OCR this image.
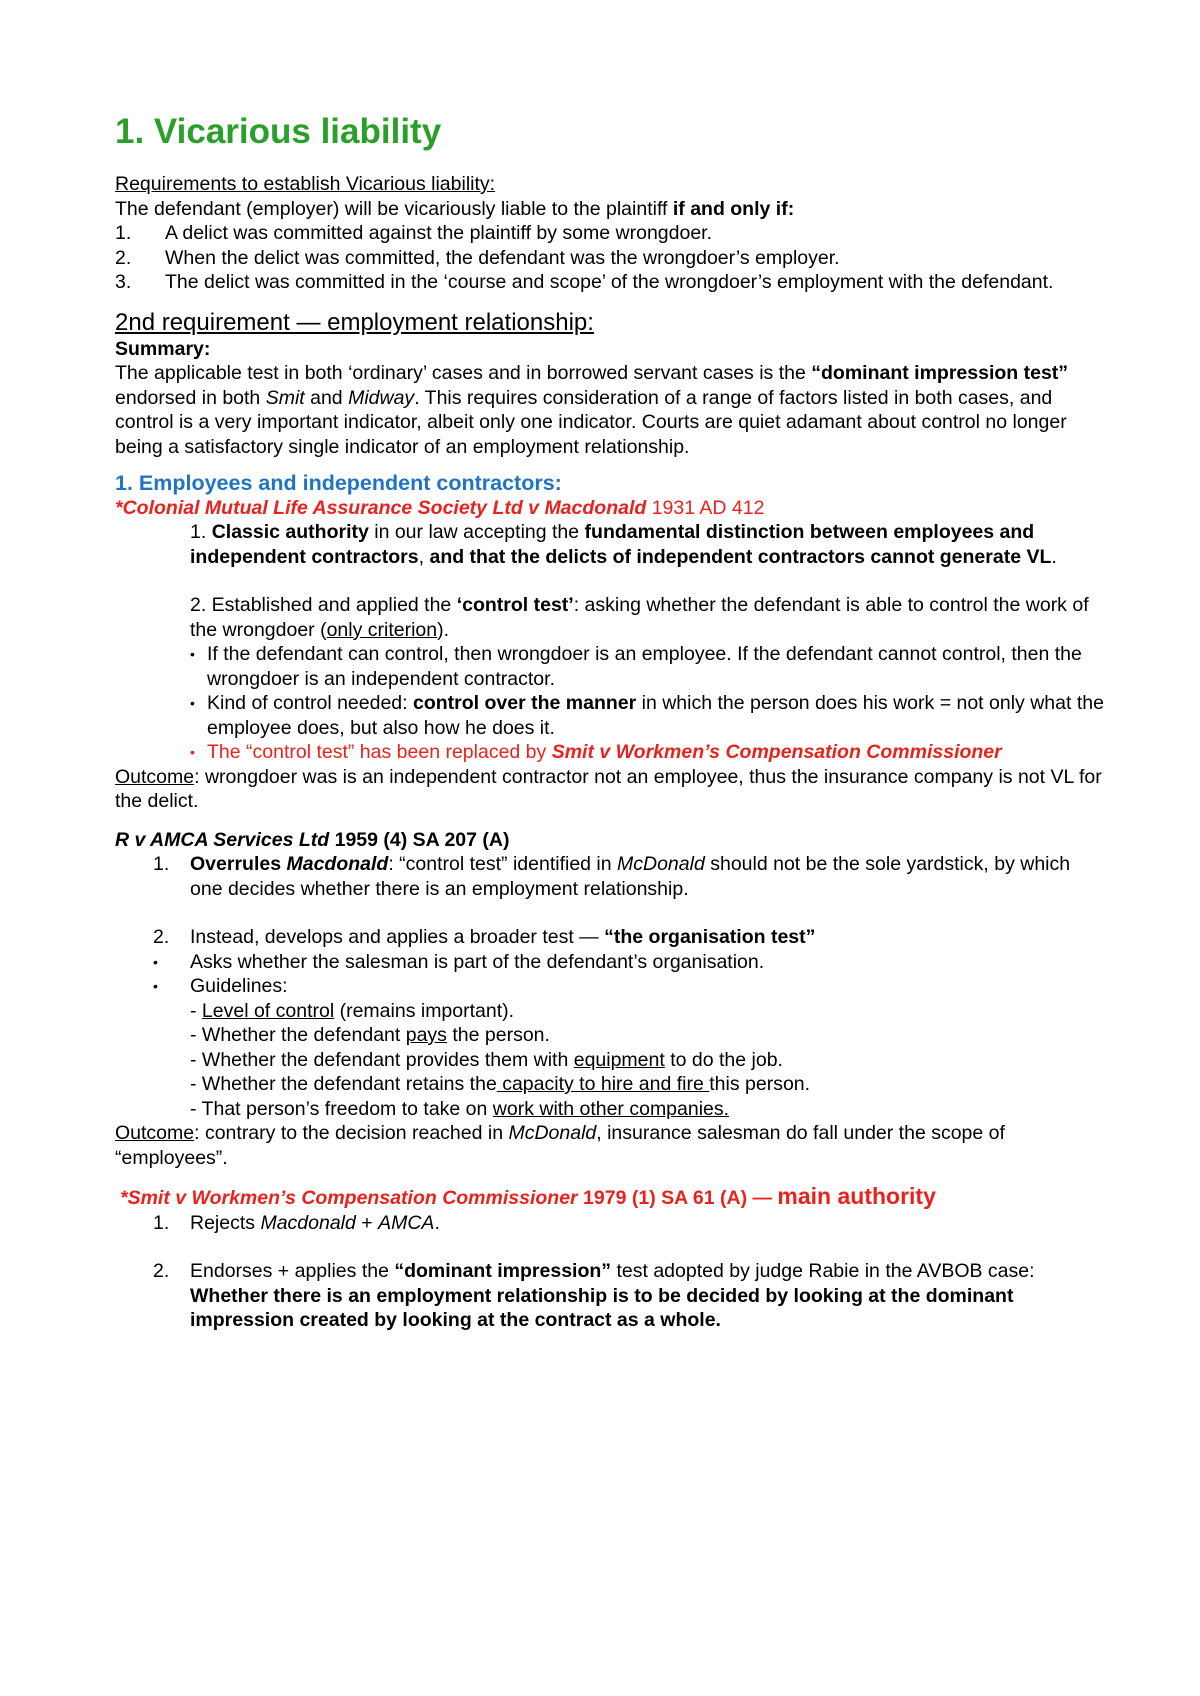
1. Vicarious liability
Requirements to establish Vicarious liability:
The defendant (employer) will be vicariously liable to the plaintiff if and only if:
1.	A delict was committed against the plaintiff by some wrongdoer.
2.	When the delict was committed, the defendant was the wrongdoer’s employer.
3. The delict was committed in the ‘course and scope’ of the wrongdoer’s employment with the defendant.
2nd requirement — employment relationship:
Summary:
The applicable test in both ‘ordinary’ cases and in borrowed servant cases is the “dominant impression test” endorsed in both Smit and Midway. This requires consideration of a range of factors listed in both cases, and control is a very important indicator, albeit only one indicator. Courts are quiet adamant about control no longer being a satisfactory single indicator of an employment relationship.
1. Employees and independent contractors:
*Colonial Mutual Life Assurance Society Ltd v Macdonald 1931 AD 412
1. Classic authority in our law accepting the fundamental distinction between employees and independent contractors, and that the delicts of independent contractors cannot generate VL.
2. Established and applied the ‘control test’: asking whether the defendant is able to control the work of the wrongdoer (only criterion).
• If the defendant can control, then wrongdoer is an employee. If the defendant cannot control, then the wrongdoer is an independent contractor.
• Kind of control needed: control over the manner in which the person does his work = not only what the employee does, but also how he does it.
• The “control test” has been replaced by Smit v Workmen’s Compensation Commissioner
Outcome: wrongdoer was is an independent contractor not an employee, thus the insurance company is not VL for the delict.
R v AMCA Services Ltd 1959 (4) SA 207 (A)
1.	Overrules Macdonald: “control test” identified in McDonald should not be the sole yardstick, by which one decides whether there is an employment relationship.
2.	Instead, develops and applies a broader test — “the organisation test”
• Asks whether the salesman is part of the defendant’s organisation.
• Guidelines:
- Level of control (remains important).
- Whether the defendant pays the person.
- Whether the defendant provides them with equipment to do the job.
- Whether the defendant retains the capacity to hire and fire this person.
- That person’s freedom to take on work with other companies.
Outcome: contrary to the decision reached in McDonald, insurance salesman do fall under the scope of “employees”.
*Smit v Workmen’s Compensation Commissioner 1979 (1) SA 61 (A) — main authority
1.	Rejects Macdonald + AMCA.
2.	Endorses + applies the “dominant impression” test adopted by judge Rabie in the AVBOB case:
Whether there is an employment relationship is to be decided by looking at the dominant impression created by looking at the contract as a whole.
